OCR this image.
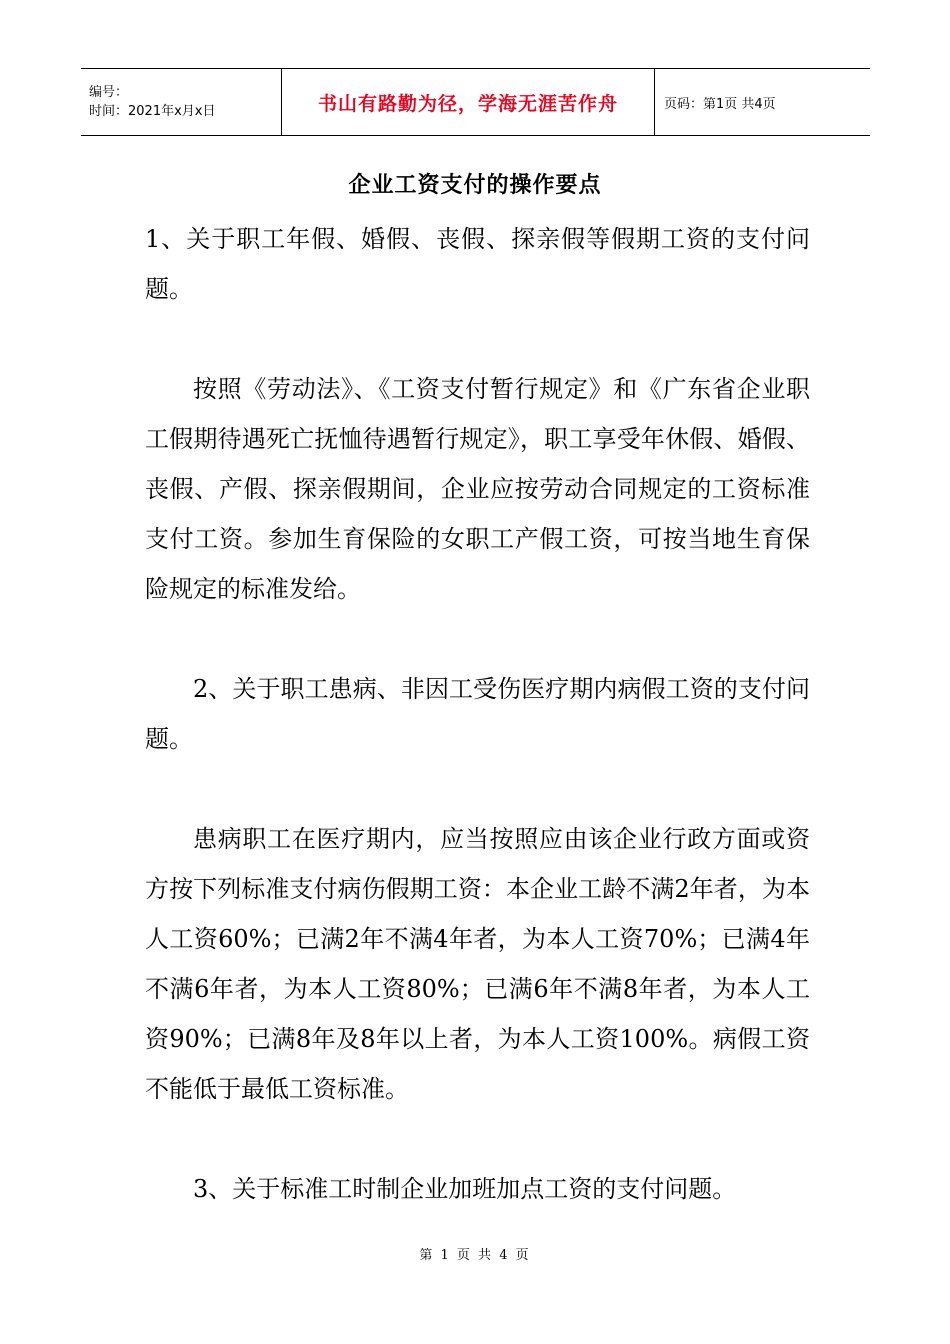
编号：
时间：2021年x月x日	书山有路勤为径，学海无涯苦作舟	页码：第1页 共4页
企业工资支付的操作要点

1、关于职工年假、婚假、丧假、探亲假等假期工资的支付问题。

按照《劳动法》、《工资支付暂行规定》和《广东省企业职工假期待遇死亡抚恤待遇暂行规定》，职工享受年休假、婚假、丧假、产假、探亲假期间，企业应按劳动合同规定的工资标准支付工资。参加生育保险的女职工产假工资，可按当地生育保险规定的标准发给。

2、关于职工患病、非因工受伤医疗期内病假工资的支付问题。

患病职工在医疗期内，应当按照应由该企业行政方面或资方按下列标准支付病伤假期工资：本企业工龄不满2年者，为本人工资60%；已满2年不满4年者，为本人工资70%；已满4年不满6年者，为本人工资80%；已满6年不满8年者，为本人工资90%；已满8年及8年以上者，为本人工资100%。病假工资不能低于最低工资标准。

3、关于标准工时制企业加班加点工资的支付问题。

第 1 页 共 4 页
